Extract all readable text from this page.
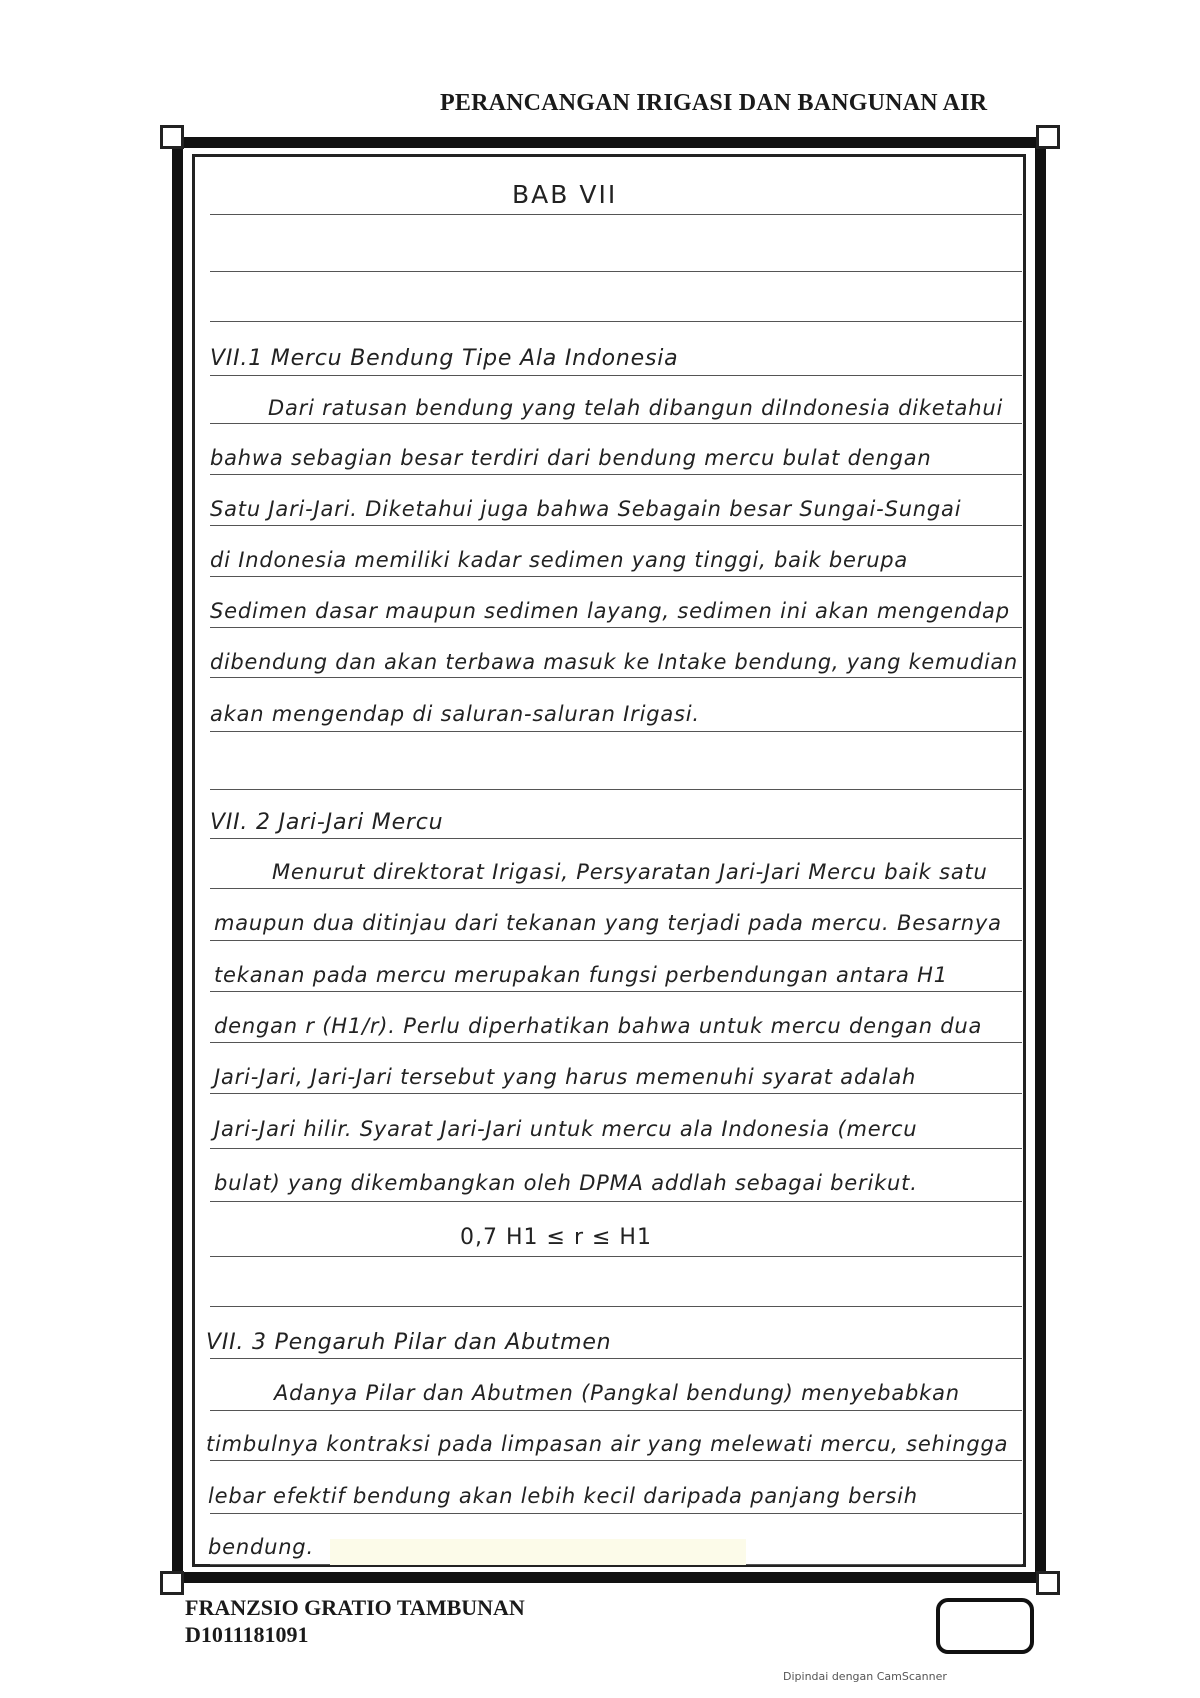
PERANCANGAN IRIGASI DAN BANGUNAN AIR
BAB VII
VII.1 Mercu Bendung Tipe Ala Indonesia
Dari ratusan bendung yang telah dibangun diIndonesia diketahui
bahwa sebagian besar terdiri dari bendung mercu bulat dengan
Satu Jari-Jari. Diketahui juga bahwa Sebagain besar Sungai-Sungai
di Indonesia memiliki kadar sedimen yang tinggi, baik berupa
Sedimen dasar maupun sedimen layang, sedimen ini akan mengendap
dibendung dan akan terbawa masuk ke Intake bendung, yang kemudian
akan mengendap di saluran-saluran Irigasi.
VII. 2 Jari-Jari Mercu
Menurut direktorat Irigasi, Persyaratan Jari-Jari Mercu baik satu
maupun dua ditinjau dari tekanan yang terjadi pada mercu. Besarnya
tekanan pada mercu merupakan fungsi perbendungan antara H1
dengan r (H1/r). Perlu diperhatikan bahwa untuk mercu dengan dua
Jari-Jari, Jari-Jari tersebut yang harus memenuhi syarat adalah
Jari-Jari hilir. Syarat Jari-Jari untuk mercu ala Indonesia (mercu
bulat) yang dikembangkan oleh DPMA addlah sebagai berikut.
0,7 H1 ≤ r ≤ H1
VII. 3 Pengaruh Pilar dan Abutmen
Adanya Pilar dan Abutmen (Pangkal bendung) menyebabkan
timbulnya kontraksi pada limpasan air yang melewati mercu, sehingga
lebar efektif bendung akan lebih kecil daripada panjang bersih
bendung.
FRANZSIO GRATIO TAMBUNAN
D1011181091
Dipindai dengan CamScanner
